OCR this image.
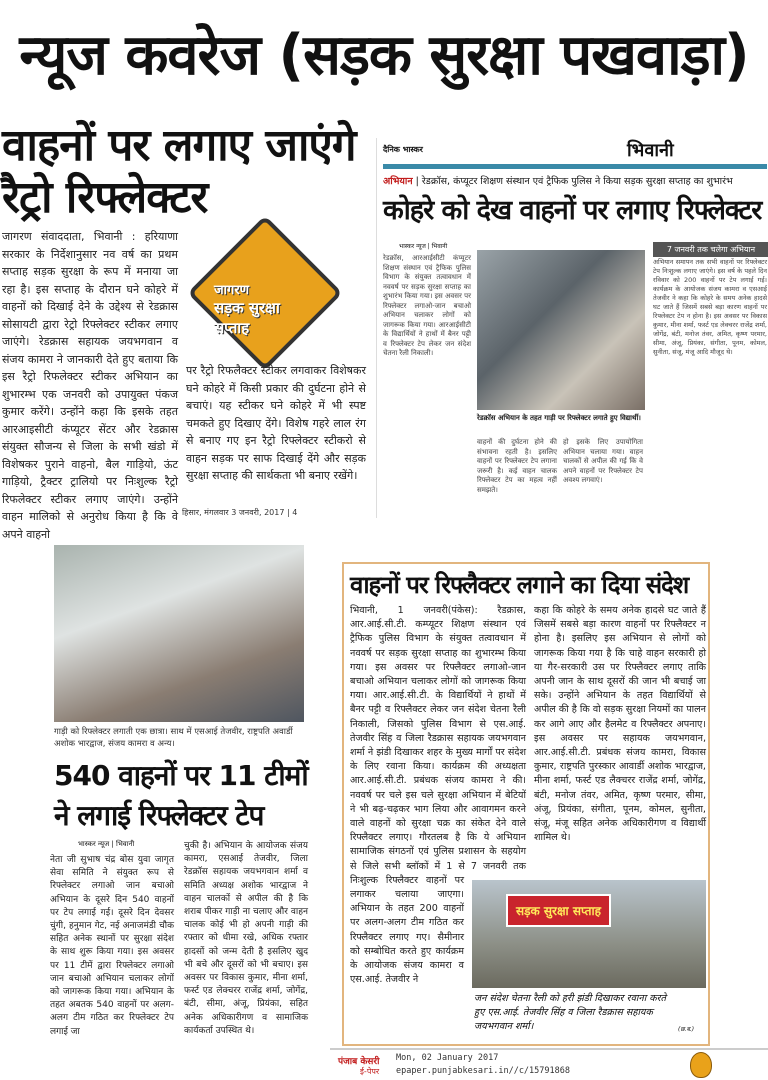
न्यूज कवरेज (सड़क सुरक्षा पखवाड़ा)
वाहनों पर लगाए जाएंगे
रैट्रो रिफ्लेक्टर
जागरण
सड़क सुरक्षा
सप्ताह
जागरण संवाददाता, भिवानी : हरियाणा सरकार के निर्देशानुसार नव वर्ष का प्रथम सप्ताह सड़क सुरक्षा के रूप में मनाया जा रहा है। इस सप्ताह के दौरान घने कोहरे में वाहनों को दिखाई देने के उद्देश्य से रेडक्रास सोसायटी द्वारा रेट्रो रिफ्लेक्टर स्टीकर लगाए जाएंगे। रेडक्रास सहायक जयभगवान व संजय कामरा ने जानकारी देते हुए बताया कि इस रैट्रो रिफलेक्टर स्टीकर अभियान का शुभारम्भ एक जनवरी को उपायुक्त पंकज कुमार करेंगे। उन्होंने कहा कि इसके तहत आरआइसीटी कंप्यूटर सेंटर और रेडक्रास संयुक्त सौजन्य से जिला के सभी खंडो में विशेषकर पुराने वाहनो, बैल गाड़ियो, ऊंट गाड़ियो, ट्रैक्टर ट्रालियो पर निःशुल्क रैट्रो रिफलेक्टर स्टीकर लगाए जाएंगे। उन्होंने वाहन मालिको से अनुरोध किया है कि वे अपने वाहनो
पर रैट्रो रिफलैक्टर स्टीकर लगवाकर विशेषकर घने कोहरे में किसी प्रकार की दुर्घटना होने से बचाएं। यह स्टीकर घने कोहरे में भी स्पष्ट चमकते हुए दिखाए देंगे। विशेष गहरे लाल रंग से बनाए गए इन रैट्रो रिफ्लेक्टर स्टीकरो से वाहन सड़क पर साफ दिखाई देंगे और सड़क सुरक्षा सप्ताह की सार्थकता भी बनाए रखेंगे।
हिसार, मंगलवार 3 जनवरी, 2017 | 4
दैनिक भास्कर	भिवानी
अभियान | रेडक्रॉस, कंप्यूटर शिक्षण संस्थान एवं ट्रैफिक पुलिस ने किया सड़क सुरक्षा सप्ताह का शुभारंभ
कोहरे को देख वाहनों पर लगाए रिफ्लेक्टर
भास्कर न्यूज | भिवानी
रेडक्रॉस, आरआईसीटी कंप्यूटर शिक्षण संस्थान एवं ट्रैफिक पुलिस विभाग के संयुक्त तत्वावधान में नववर्ष पर सड़क सुरक्षा सप्ताह का शुभारंभ किया गया। इस अवसर पर रिफ्लेक्टर लगाओ-जान बचाओ अभियान चलाकर लोगों को जागरूक किया गया। आरआईसीटी के विद्यार्थियों ने हाथों में बैनर पट्टी व रिफ्लेक्टर टेप लेकर जन संदेश चेतना रैली निकाली।
रेडक्रॉस अभियान के तहत गाड़ी पर रिफ्लेक्टर लगाते हुए विद्यार्थी।
वाहनों की दुर्घटना होने की संभावना रहती है। इसलिए वाहनों पर रिफ्लेक्टर टेप लगाना जरूरी है। कई वाहन चालक रिफ्लेक्टर टेप का महत्व नहीं समझते।
हो इसके लिए उपायोगिता अभियान चलाया गया। वाहन चालकों से अपील की गई कि वे अपने वाहनों पर रिफ्लेक्टर टेप अवश्य लगवाएं।
7 जनवरी तक चलेगा अभियान
अभियान समापन तक सभी वाहनों पर रिफ्लेक्टर टेप निःशुल्क लगाए जाएंगे। इस वर्ष के पहले दिन रविवार को 200 वाहनों पर टेप लगाई गई। कार्यक्रम के आयोजक संजय कामरा व एसआई तेजवीर ने कहा कि कोहरे के समय अनेक हादसे घट जाते हैं जिसमें सबसे बड़ा कारण वाहनों पर रिफ्लेक्टर टेप न होना है। इस अवसर पर विकास कुमार, मीना शर्मा, फर्स्ट एड लेक्चरर राजेंद्र शर्मा, जोगेंद्र, बंटी, मनोज तंवर, अमित, कृष्ण परमार, सीमा, अंजू, प्रियंका, संगीता, पूनम, कोमल, सुनीता, संजू, मंजू आदि मौजूद थे।
गाड़ी को रिफ्लेक्टर लगाती एक छात्रा। साथ में एसआई तेजवीर, राष्ट्रपति अवार्डी अशोक भारद्वाज, संजय कामरा व अन्य।
540 वाहनों पर 11 टीमों
ने लगाई रिफ्लेक्टर टेप
भास्कर न्यूज | भिवानी
नेता जी सुभाष चंद्र बोस युवा जागृत सेवा समिति ने संयुक्त रूप से रिफ्लेक्टर लगाओ जान बचाओ अभियान के दूसरे दिन 540 वाहनों पर टेप लगाई गई। दूसरे दिन देवसर चुंगी, हनुमान गेट, नई अनाजमंडी चौक सहित अनेक स्थानों पर सुरक्षा संदेश के साथ शुरू किया गया। इस अवसर पर 11 टीमें द्वारा रिफ्लेक्टर लगाओ जान बचाओ अभियान चलाकर लोगों को जागरूक किया गया। अभियान के तहत अबतक 540 वाहनों पर अलग-अलग टीम गठित कर रिफ्लेक्टर टेप लगाई जा
चुकी है। अभियान के आयोजक संजय कामरा, एसआई तेजवीर, जिला रेडक्रॉस सहायक जयभगवान शर्मा व समिति अध्यक्ष अशोक भारद्वाज ने वाहन चालकों से अपील की है कि शराब पीकर गाड़ी ना चलाए और वाहन चालक कोई भी हो अपनी गाड़ी की रफ्तार को धीमा रखे, अधिक रफ्तार हादसों को जन्म देती है इसलिए खुद भी बचे और दूसरों को भी बचाए। इस अवसर पर विकास कुमार, मीना शर्मा, फर्स्ट एड लेक्चरर राजेंद्र शर्मा, जोगेंद्र, बंटी, सीमा, अंजू, प्रियंका, सहित अनेक अधिकारीगण व सामाजिक कार्यकर्ता उपस्थित थे।
वाहनों पर रिफ्लैक्टर लगाने का दिया संदेश
भिवानी, 1 जनवरी(पंकेस): रैडक्रास, आर.आई.सी.टी. कम्प्यूटर शिक्षण संस्थान एवं ट्रैफिक पुलिस विभाग के संयुक्त तत्वावधान में नववर्ष पर सड़क सुरक्षा सप्ताह का शुभारम्भ किया गया। इस अवसर पर रिफ्लैक्टर लगाओ-जान बचाओ अभियान चलाकर लोगों को जागरूक किया गया। आर.आई.सी.टी. के विद्यार्थियों ने हाथों में बैनर पट्टी व रिफ्लैक्टर लेकर जन संदेश चेतना रैली निकाली, जिसको पुलिस विभाग से एस.आई. तेजवीर सिंह व जिला रैडक्रास सहायक जयभगवान शर्मा ने झंडी दिखाकर शहर के मुख्य मार्गों पर संदेश के लिए रवाना किया। कार्यक्रम की अध्यक्षता आर.आई.सी.टी. प्रबंधक संजय कामरा ने की। नववर्ष पर चले इस चले सुरक्षा अभियान में बेटियों ने भी बढ़-चढ़कर भाग लिया और आवागमन करने वाले वाहनों को सुरक्षा चक्र का संकेत देने वाले रिफ्लैक्टर लगाए। गौरतलब है कि ये अभियान सामाजिक संगठनों एवं पुलिस प्रशासन के सहयोग से जिले सभी ब्लॉकों में 1 से 7 जनवरी तक निःशुल्क रिफ्लैक्टर वाहनों पर लगाकर चलाया जाएगा। अभियान के तहत 200 वाहनों पर अलग-अलग टीम गठित कर रिफ्लैक्टर लगाए गए। सैमीनार को सम्बोधित करते हुए कार्यक्रम के आयोजक संजय कामरा व एस.आई. तेजवीर ने
कहा कि कोहरे के समय अनेक हादसे घट जाते हैं जिसमें सबसे बड़ा कारण वाहनों पर रिफ्लैक्टर न होना है। इसलिए इस अभियान से लोगों को जागरूक किया गया है कि चाहे वाहन सरकारी हो या गैर-सरकारी उस पर रिफ्लैक्टर लगाए ताकि अपनी जान के साथ दूसरों की जान भी बचाई जा सके। उन्होंने अभियान के तहत विद्यार्थियों से अपील की है कि वो सड़क सुरक्षा नियमों का पालन कर आगे आए और हैलमेट व रिफ्लैक्टर अपनाए। इस अवसर पर सहायक जयभगवान, आर.आई.सी.टी. प्रबंधक संजय कामरा, विकास कुमार, राष्ट्रपति पुरस्कार आवार्डी अशोक भारद्वाज, मीना शर्मा, फर्स्ट एड लैक्चरर राजेंद्र शर्मा, जोगेंद्र, बंटी, मनोज तंवर, अमित, कृष्ण परमार, सीमा, अंजू, प्रियंका, संगीता, पूनम, कोमल, सुनीता, संजू, मंजू सहित अनेक अधिकारीगण व विद्यार्थी शामिल थे।
सड़क सुरक्षा सप्ताह
जन संदेश चेतना रैली को हरी झंडी दिखाकर रवाना करते हुए एस.आई. तेजवीर सिंह व जिला रैडक्रास सहायक जयभगवान शर्मा।	(छ.ब.)
पंजाब केसरी
ई-पेपर
Mon, 02 January 2017
epaper.punjabkesari.in//c/15791868
